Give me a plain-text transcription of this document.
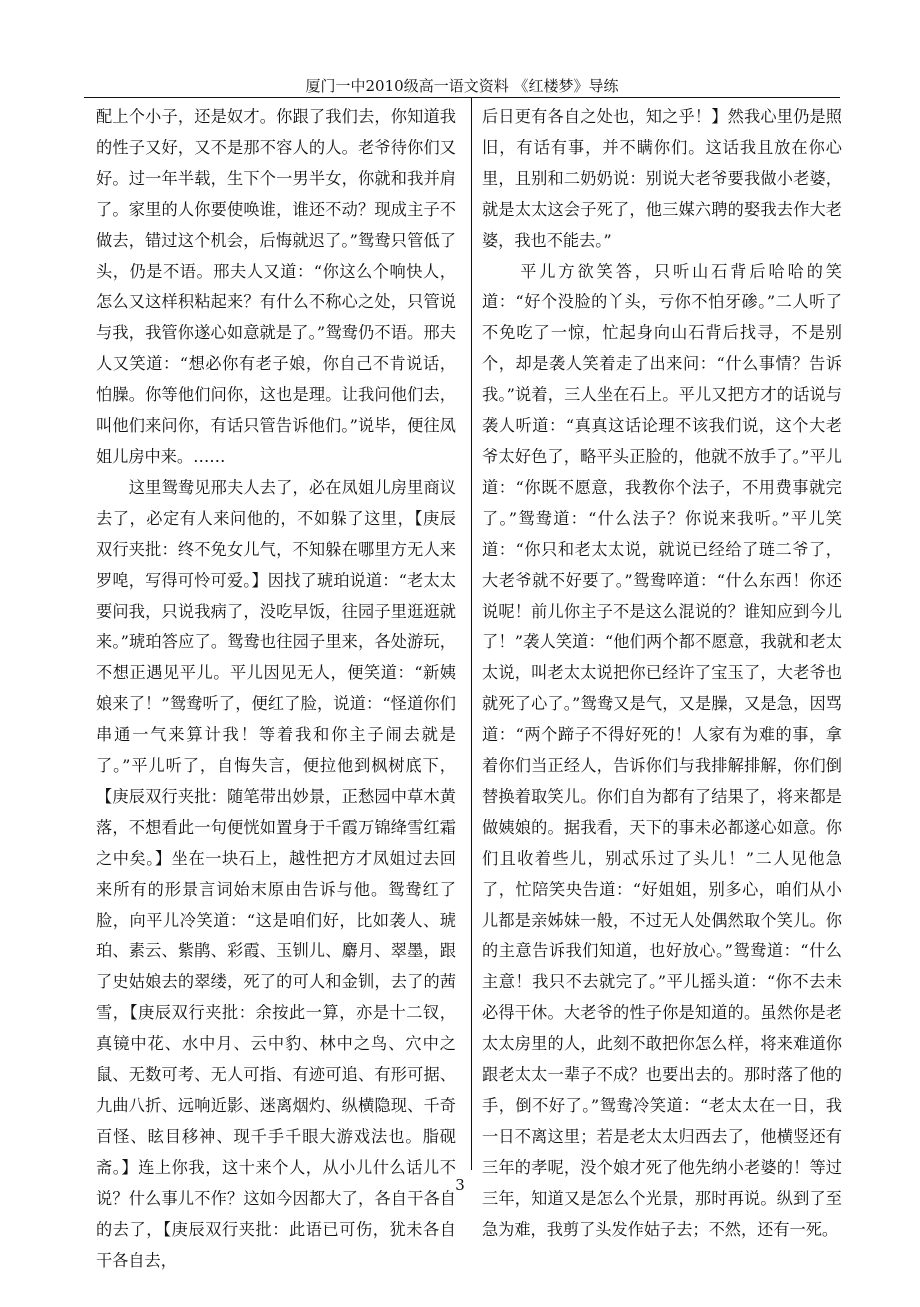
厦门一中2010级高一语文资料 《红楼梦》导练
配上个小子，还是奴才。你跟了我们去，你知道我的性子又好，又不是那不容人的人。老爷待你们又好。过一年半载，生下个一男半女，你就和我并肩了。家里的人你要使唤谁，谁还不动？现成主子不做去，错过这个机会，后悔就迟了。”鸳鸯只管低了头，仍是不语。邢夫人又道：“你这么个响快人，怎么又这样积粘起来？有什么不称心之处，只管说与我，我管你遂心如意就是了。”鸳鸯仍不语。邢夫人又笑道：“想必你有老子娘，你自己不肯说话，怕臊。你等他们问你，这也是理。让我问他们去，叫他们来问你，有话只管告诉他们。”说毕，便往凤姐儿房中来。……
　　这里鸳鸯见邢夫人去了，必在凤姐儿房里商议去了，必定有人来问他的，不如躲了这里，【庚辰双行夹批：终不免女儿气，不知躲在哪里方无人来罗唣，写得可怜可爱。】因找了琥珀说道：“老太太要问我，只说我病了，没吃早饭，往园子里逛逛就来。”琥珀答应了。鸳鸯也往园子里来，各处游玩，不想正遇见平儿。平儿因见无人，便笑道：“新姨娘来了！”鸳鸯听了，便红了脸，说道：“怪道你们串通一气来算计我！等着我和你主子闹去就是了。”平儿听了，自悔失言，便拉他到枫树底下，【庚辰双行夹批：随笔带出妙景，正愁园中草木黄落，不想看此一句便恍如置身于千霞万锦绛雪红霜之中矣。】坐在一块石上，越性把方才凤姐过去回来所有的形景言词始末原由告诉与他。鸳鸯红了脸，向平儿冷笑道：“这是咱们好，比如袭人、琥珀、素云、紫鹃、彩霞、玉钏儿、麝月、翠墨，跟了史姑娘去的翠缕，死了的可人和金钏，去了的茜雪，【庚辰双行夹批：余按此一算，亦是十二钗，真镜中花、水中月、云中豹、林中之鸟、穴中之鼠、无数可考、无人可指、有迹可追、有形可据、九曲八折、远响近影、迷离烟灼、纵横隐现、千奇百怪、眩目移神、现千手千眼大游戏法也。脂砚斋。】连上你我，这十来个人，从小儿什么话儿不说？什么事儿不作？这如今因都大了，各自干各自的去了，【庚辰双行夹批：此语已可伤，犹未各自干各自去，
后日更有各自之处也，知之乎！】然我心里仍是照旧，有话有事，并不瞒你们。这话我且放在你心里，且别和二奶奶说：别说大老爷要我做小老婆，就是太太这会子死了，他三媒六聘的娶我去作大老婆，我也不能去。”
　　平儿方欲笑答，只听山石背后哈哈的笑道：“好个没脸的丫头，亏你不怕牙碜。”二人听了不免吃了一惊，忙起身向山石背后找寻，不是别个，却是袭人笑着走了出来问：“什么事情？告诉我。”说着，三人坐在石上。平儿又把方才的话说与袭人听道：“真真这话论理不该我们说，这个大老爷太好色了，略平头正脸的，他就不放手了。”平儿道：“你既不愿意，我教你个法子，不用费事就完了。”鸳鸯道：“什么法子？你说来我听。”平儿笑道：“你只和老太太说，就说已经给了琏二爷了，大老爷就不好要了。”鸳鸯啐道：“什么东西！你还说呢！前儿你主子不是这么混说的？谁知应到今儿了！”袭人笑道：“他们两个都不愿意，我就和老太太说，叫老太太说把你已经许了宝玉了，大老爷也就死了心了。”鸳鸯又是气，又是臊，又是急，因骂道：“两个蹄子不得好死的！人家有为难的事，拿着你们当正经人，告诉你们与我排解排解，你们倒替换着取笑儿。你们自为都有了结果了，将来都是做姨娘的。据我看，天下的事未必都遂心如意。你们且收着些儿，别忒乐过了头儿！”二人见他急了，忙陪笑央告道：“好姐姐，别多心，咱们从小儿都是亲姊妹一般，不过无人处偶然取个笑儿。你的主意告诉我们知道，也好放心。”鸳鸯道：“什么主意！我只不去就完了。”平儿摇头道：“你不去未必得干休。大老爷的性子你是知道的。虽然你是老太太房里的人，此刻不敢把你怎么样，将来难道你跟老太太一辈子不成？也要出去的。那时落了他的手，倒不好了。”鸳鸯冷笑道：“老太太在一日，我一日不离这里；若是老太太归西去了，他横竖还有三年的孝呢，没个娘才死了他先纳小老婆的！等过三年，知道又是怎么个光景，那时再说。纵到了至急为难，我剪了头发作姑子去；不然，还有一死。
3
